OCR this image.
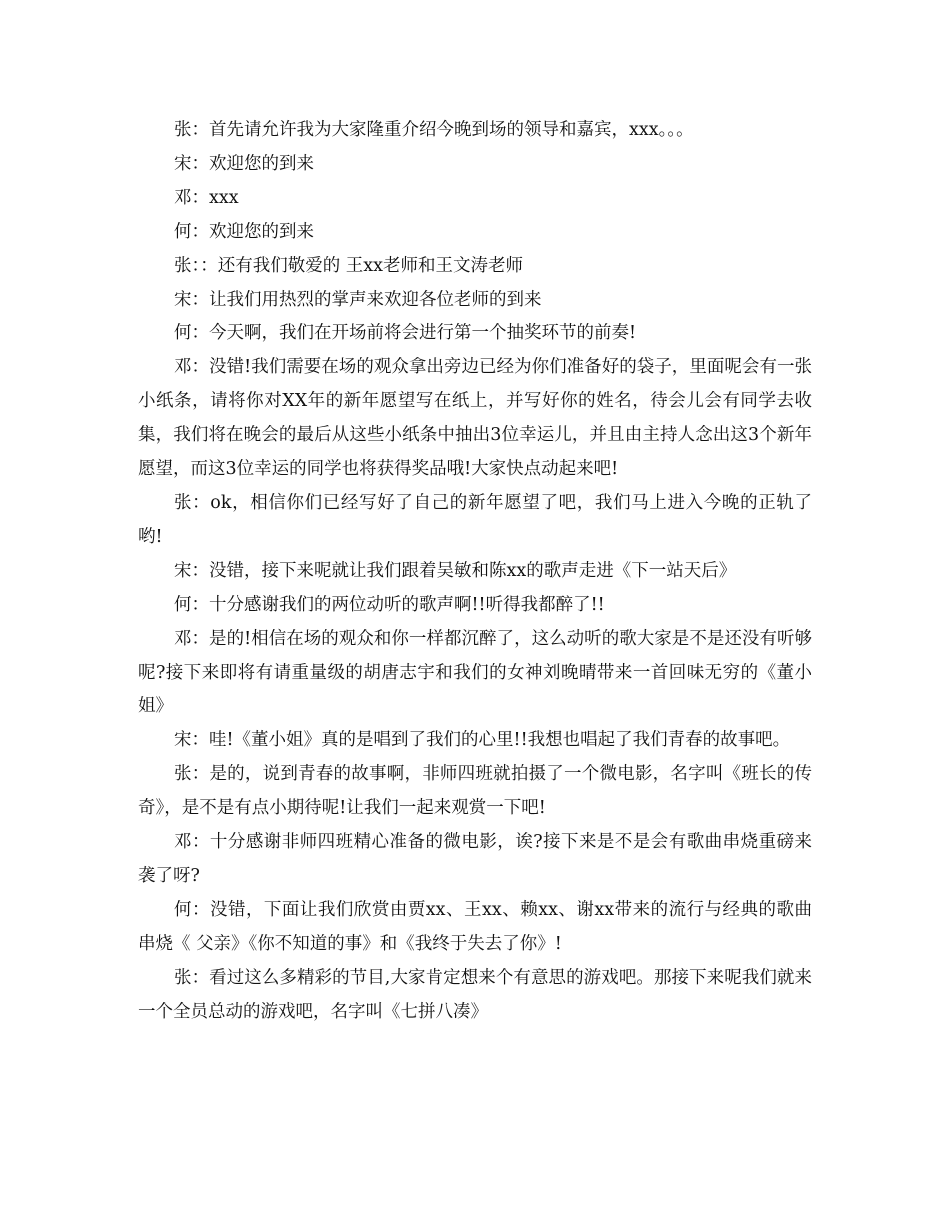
张：首先请允许我为大家隆重介绍今晚到场的领导和嘉宾，xxx。。。

宋：欢迎您的到来

邓：xxx

何：欢迎您的到来

张：：还有我们敬爱的 王xx老师和王文涛老师

宋：让我们用热烈的掌声来欢迎各位老师的到来

何：今天啊，我们在开场前将会进行第一个抽奖环节的前奏!

邓：没错!我们需要在场的观众拿出旁边已经为你们准备好的袋子，里面呢会有一张小纸条，请将你对XX年的新年愿望写在纸上，并写好你的姓名，待会儿会有同学去收集，我们将在晚会的最后从这些小纸条中抽出3位幸运儿，并且由主持人念出这3个新年愿望，而这3位幸运的同学也将获得奖品哦!大家快点动起来吧!

张：ok，相信你们已经写好了自己的新年愿望了吧，我们马上进入今晚的正轨了哟!

宋：没错，接下来呢就让我们跟着吴敏和陈xx的歌声走进《下一站天后》

何：十分感谢我们的两位动听的歌声啊!!听得我都醉了!!

邓：是的!相信在场的观众和你一样都沉醉了，这么动听的歌大家是不是还没有听够呢?接下来即将有请重量级的胡唐志宇和我们的女神刘晚晴带来一首回味无穷的《董小姐》

宋：哇!《董小姐》真的是唱到了我们的心里!!我想也唱起了我们青春的故事吧。

张：是的，说到青春的故事啊，非师四班就拍摄了一个微电影，名字叫《班长的传奇》，是不是有点小期待呢!让我们一起来观赏一下吧!

邓：十分感谢非师四班精心准备的微电影，诶?接下来是不是会有歌曲串烧重磅来袭了呀?

何：没错，下面让我们欣赏由贾xx、王xx、赖xx、谢xx带来的流行与经典的歌曲串烧《 父亲》《你不知道的事》和《我终于失去了你》!

张：看过这么多精彩的节目,大家肯定想来个有意思的游戏吧。那接下来呢我们就来一个全员总动的游戏吧，名字叫《七拼八凑》
